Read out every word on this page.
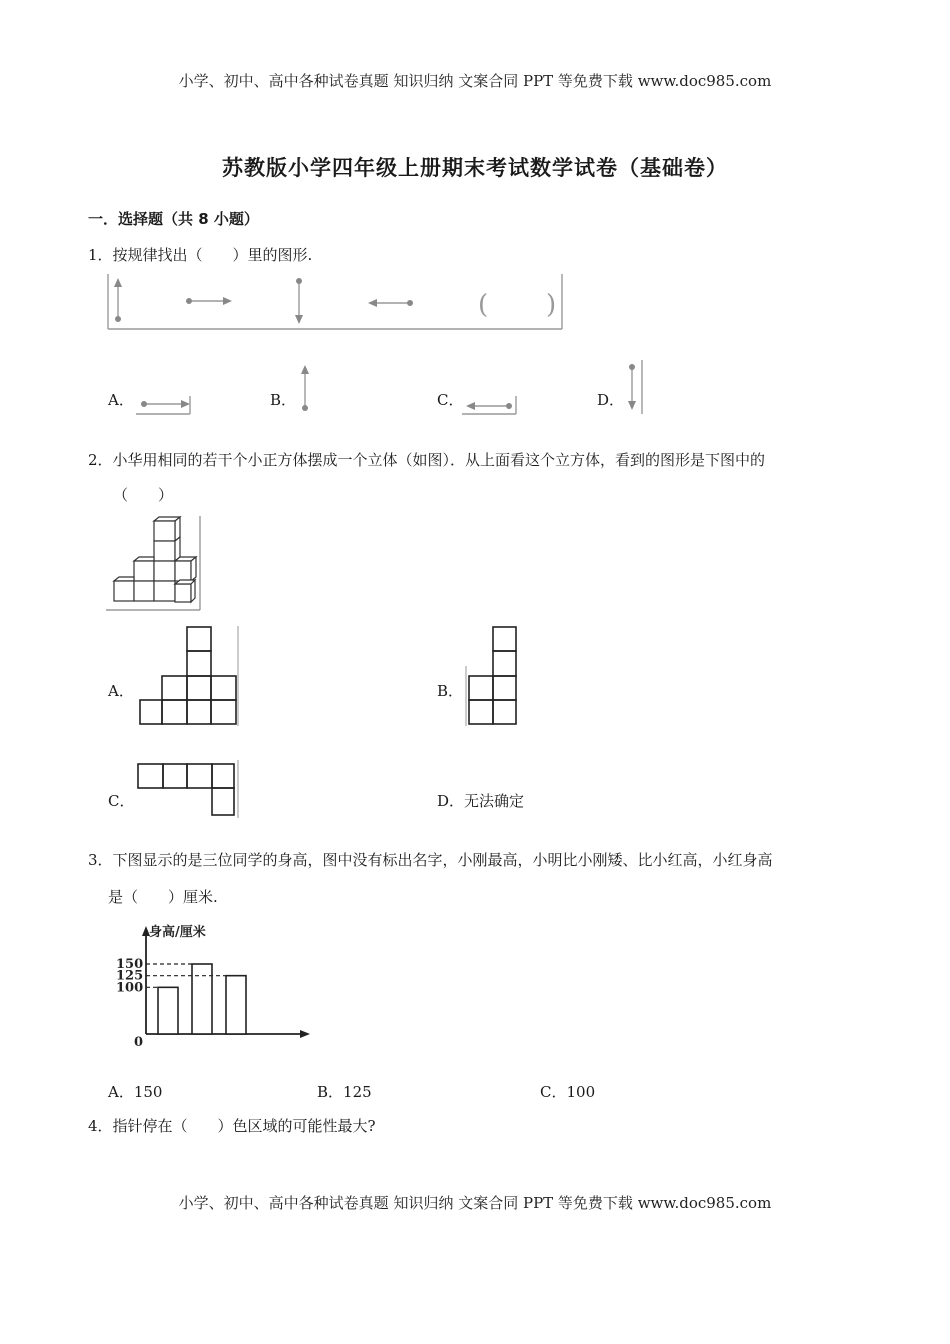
小学、初中、高中各种试卷真题 知识归纳 文案合同 PPT 等免费下载 www.doc985.com
小学、初中、高中各种试卷真题 知识归纳 文案合同 PPT 等免费下载 www.doc985.com
苏教版小学四年级上册期末考试数学试卷（基础卷）
一．选择题（共 8 小题）
1．按规律找出（　　）里的图形.
( )
A．	B．	C．	D．
2．小华用相同的若干个小正方体摆成一个立体（如图）．从上面看这个立方体，看到的图形是下图中的
（　　）
A．	B．
C．	D．无法确定
3．下图显示的是三位同学的身高，图中没有标出名字，小刚最高，小明比小刚矮、比小红高，小红身高
是（　　）厘米.
身高/厘米
150
125
100
0
A．150	B．125	C．100
4．指针停在（　　）色区域的可能性最大?
